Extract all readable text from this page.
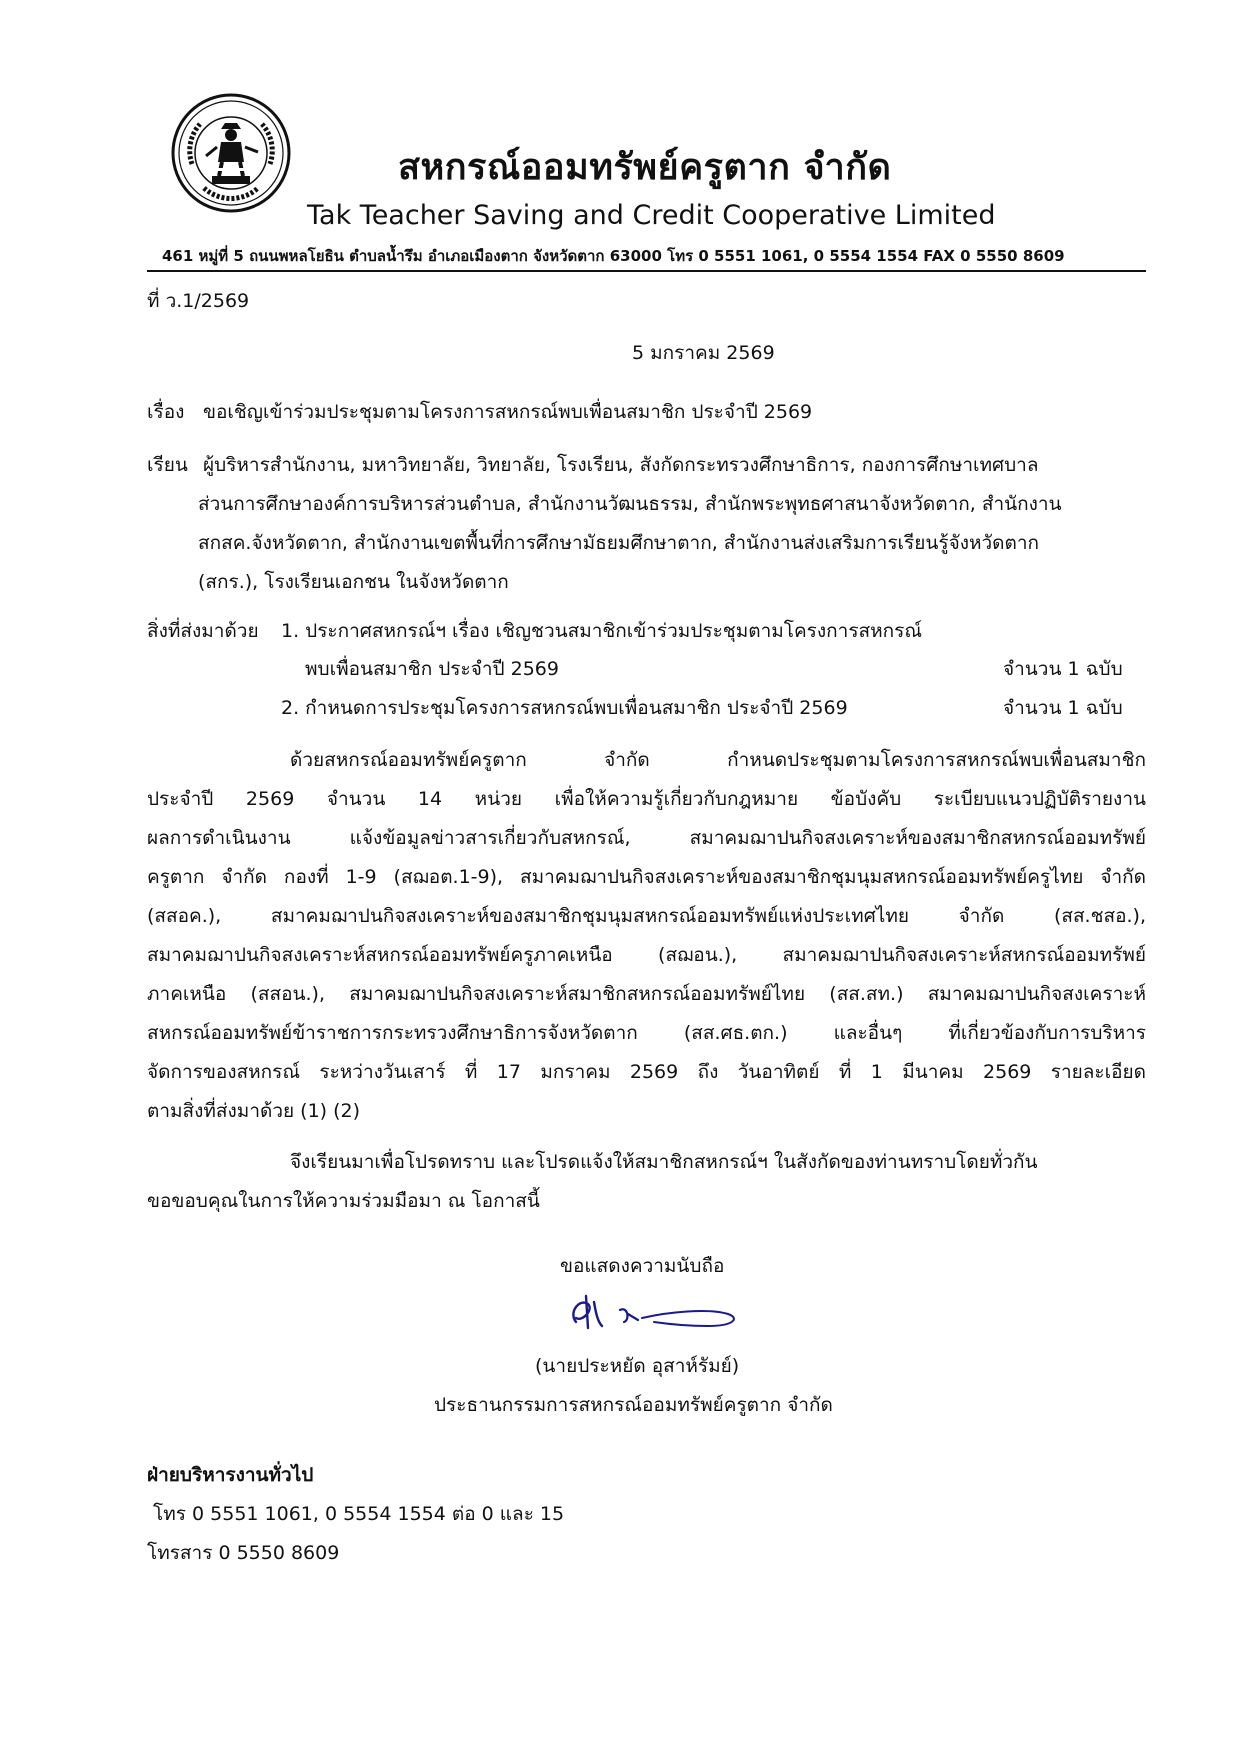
สหกรณ์ออมทรัพย์ครูตาก จำกัด
Tak Teacher Saving and Credit Cooperative Limited
461 หมู่ที่ 5 ถนนพหลโยธิน ตำบลน้ำรึม อำเภอเมืองตาก จังหวัดตาก 63000 โทร 0 5551 1061, 0 5554 1554 FAX 0 5550 8609
ที่ ว.1/2569
5 มกราคม 2569
เรื่อง ขอเชิญเข้าร่วมประชุมตามโครงการสหกรณ์พบเพื่อนสมาชิก ประจำปี 2569
เรียน ผู้บริหารสำนักงาน, มหาวิทยาลัย, วิทยาลัย, โรงเรียน, สังกัดกระทรวงศึกษาธิการ, กองการศึกษาเทศบาล
ส่วนการศึกษาองค์การบริหารส่วนตำบล, สำนักงานวัฒนธรรม, สำนักพระพุทธศาสนาจังหวัดตาก, สำนักงาน
สกสค.จังหวัดตาก, สำนักงานเขตพื้นที่การศึกษามัธยมศึกษาตาก, สำนักงานส่งเสริมการเรียนรู้จังหวัดตาก
(สกร.), โรงเรียนเอกชน ในจังหวัดตาก
สิ่งที่ส่งมาด้วย 1. ประกาศสหกรณ์ฯ เรื่อง เชิญชวนสมาชิกเข้าร่วมประชุมตามโครงการสหกรณ์
พบเพื่อนสมาชิก ประจำปี 2569	จำนวน 1 ฉบับ
2. กำหนดการประชุมโครงการสหกรณ์พบเพื่อนสมาชิก ประจำปี 2569	จำนวน 1 ฉบับ
ด้วยสหกรณ์ออมทรัพย์ครูตาก จำกัด กำหนดประชุมตามโครงการสหกรณ์พบเพื่อนสมาชิก
ประจำปี 2569 จำนวน 14 หน่วย เพื่อให้ความรู้เกี่ยวกับกฎหมาย ข้อบังคับ ระเบียบแนวปฏิบัติรายงาน
ผลการดำเนินงาน แจ้งข้อมูลข่าวสารเกี่ยวกับสหกรณ์, สมาคมฌาปนกิจสงเคราะห์ของสมาชิกสหกรณ์ออมทรัพย์
ครูตาก จำกัด กองที่ 1-9 (สฌอต.1-9), สมาคมฌาปนกิจสงเคราะห์ของสมาชิกชุมนุมสหกรณ์ออมทรัพย์ครูไทย จำกัด
(สสอค.), สมาคมฌาปนกิจสงเคราะห์ของสมาชิกชุมนุมสหกรณ์ออมทรัพย์แห่งประเทศไทย จำกัด (สส.ชสอ.),
สมาคมฌาปนกิจสงเคราะห์สหกรณ์ออมทรัพย์ครูภาคเหนือ (สฌอน.), สมาคมฌาปนกิจสงเคราะห์สหกรณ์ออมทรัพย์
ภาคเหนือ (สสอน.), สมาคมฌาปนกิจสงเคราะห์สมาชิกสหกรณ์ออมทรัพย์ไทย (สส.สท.) สมาคมฌาปนกิจสงเคราะห์
สหกรณ์ออมทรัพย์ข้าราชการกระทรวงศึกษาธิการจังหวัดตาก (สส.ศธ.ตก.) และอื่นๆ ที่เกี่ยวข้องกับการบริหาร
จัดการของสหกรณ์ ระหว่างวันเสาร์ ที่ 17 มกราคม 2569 ถึง วันอาทิตย์ ที่ 1 มีนาคม 2569 รายละเอียด
ตามสิ่งที่ส่งมาด้วย (1) (2)
จึงเรียนมาเพื่อโปรดทราบ และโปรดแจ้งให้สมาชิกสหกรณ์ฯ ในสังกัดของท่านทราบโดยทั่วกัน
ขอขอบคุณในการให้ความร่วมมือมา ณ โอกาสนี้
ขอแสดงความนับถือ
(นายประหยัด อุสาห์รัมย์)
ประธานกรรมการสหกรณ์ออมทรัพย์ครูตาก จำกัด
ฝ่ายบริหารงานทั่วไป
โทร 0 5551 1061, 0 5554 1554 ต่อ 0 และ 15
โทรสาร 0 5550 8609
